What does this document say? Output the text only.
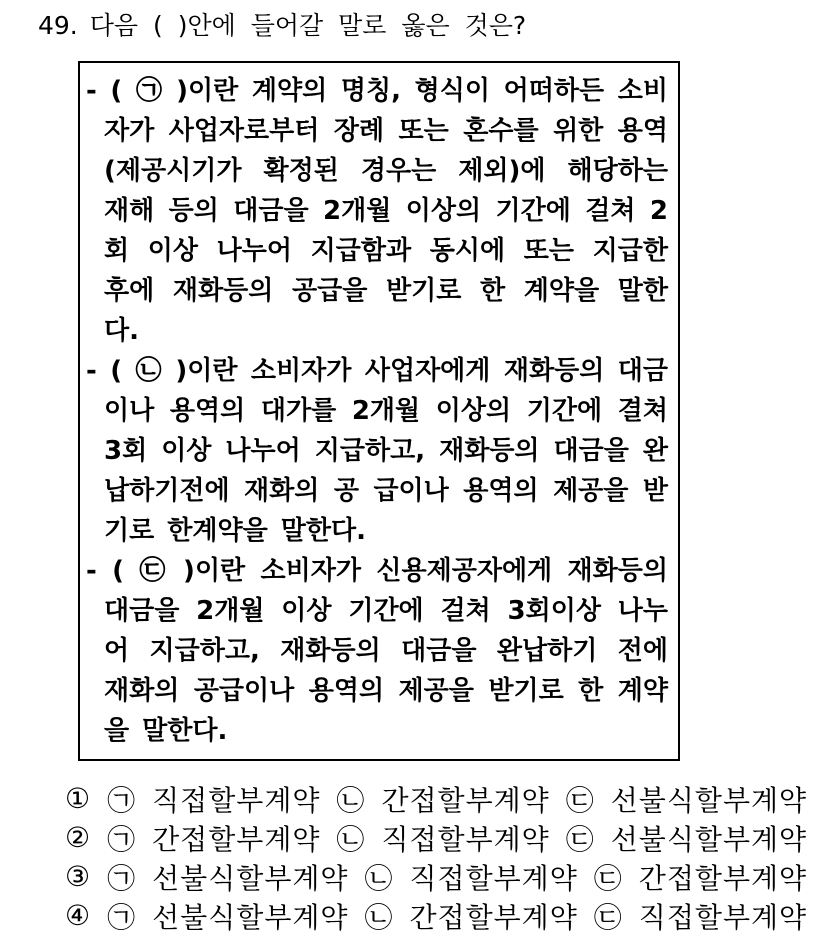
49. 다음 ( )안에 들어갈 말로 옳은 것은?
- ( ㉠ )이란 계약의 명칭, 형식이 어떠하든 소비
자가 사업자로부터 장례 또는 혼수를 위한 용역
(제공시기가 확정된 경우는 제외)에 해당하는
재해 등의 대금을 2개월 이상의 기간에 걸쳐 2
회 이상 나누어 지급함과 동시에 또는 지급한
후에 재화등의 공급을 받기로 한 계약을 말한
다.
- ( ㉡ )이란 소비자가 사업자에게 재화등의 대금
이나 용역의 대가를 2개월 이상의 기간에 결쳐
3회 이상 나누어 지급하고, 재화등의 대금을 완
납하기전에 재화의 공 급이나 용역의 제공을 받
기로 한계약을 말한다.
- ( ㉢ )이란 소비자가 신용제공자에게 재화등의
대금을 2개월 이상 기간에 걸쳐 3회이상 나누
어 지급하고, 재화등의 대금을 완납하기 전에
재화의 공급이나 용역의 제공을 받기로 한 계약
을 말한다.
① ㉠ 직접할부계약 ㉡ 간접할부계약 ㉢ 선불식할부계약
② ㉠ 간접할부계약 ㉡ 직접할부계약 ㉢ 선불식할부계약
③ ㉠ 선불식할부계약 ㉡ 직접할부계약 ㉢ 간접할부계약
④ ㉠ 선불식할부계약 ㉡ 간접할부계약 ㉢ 직접할부계약
